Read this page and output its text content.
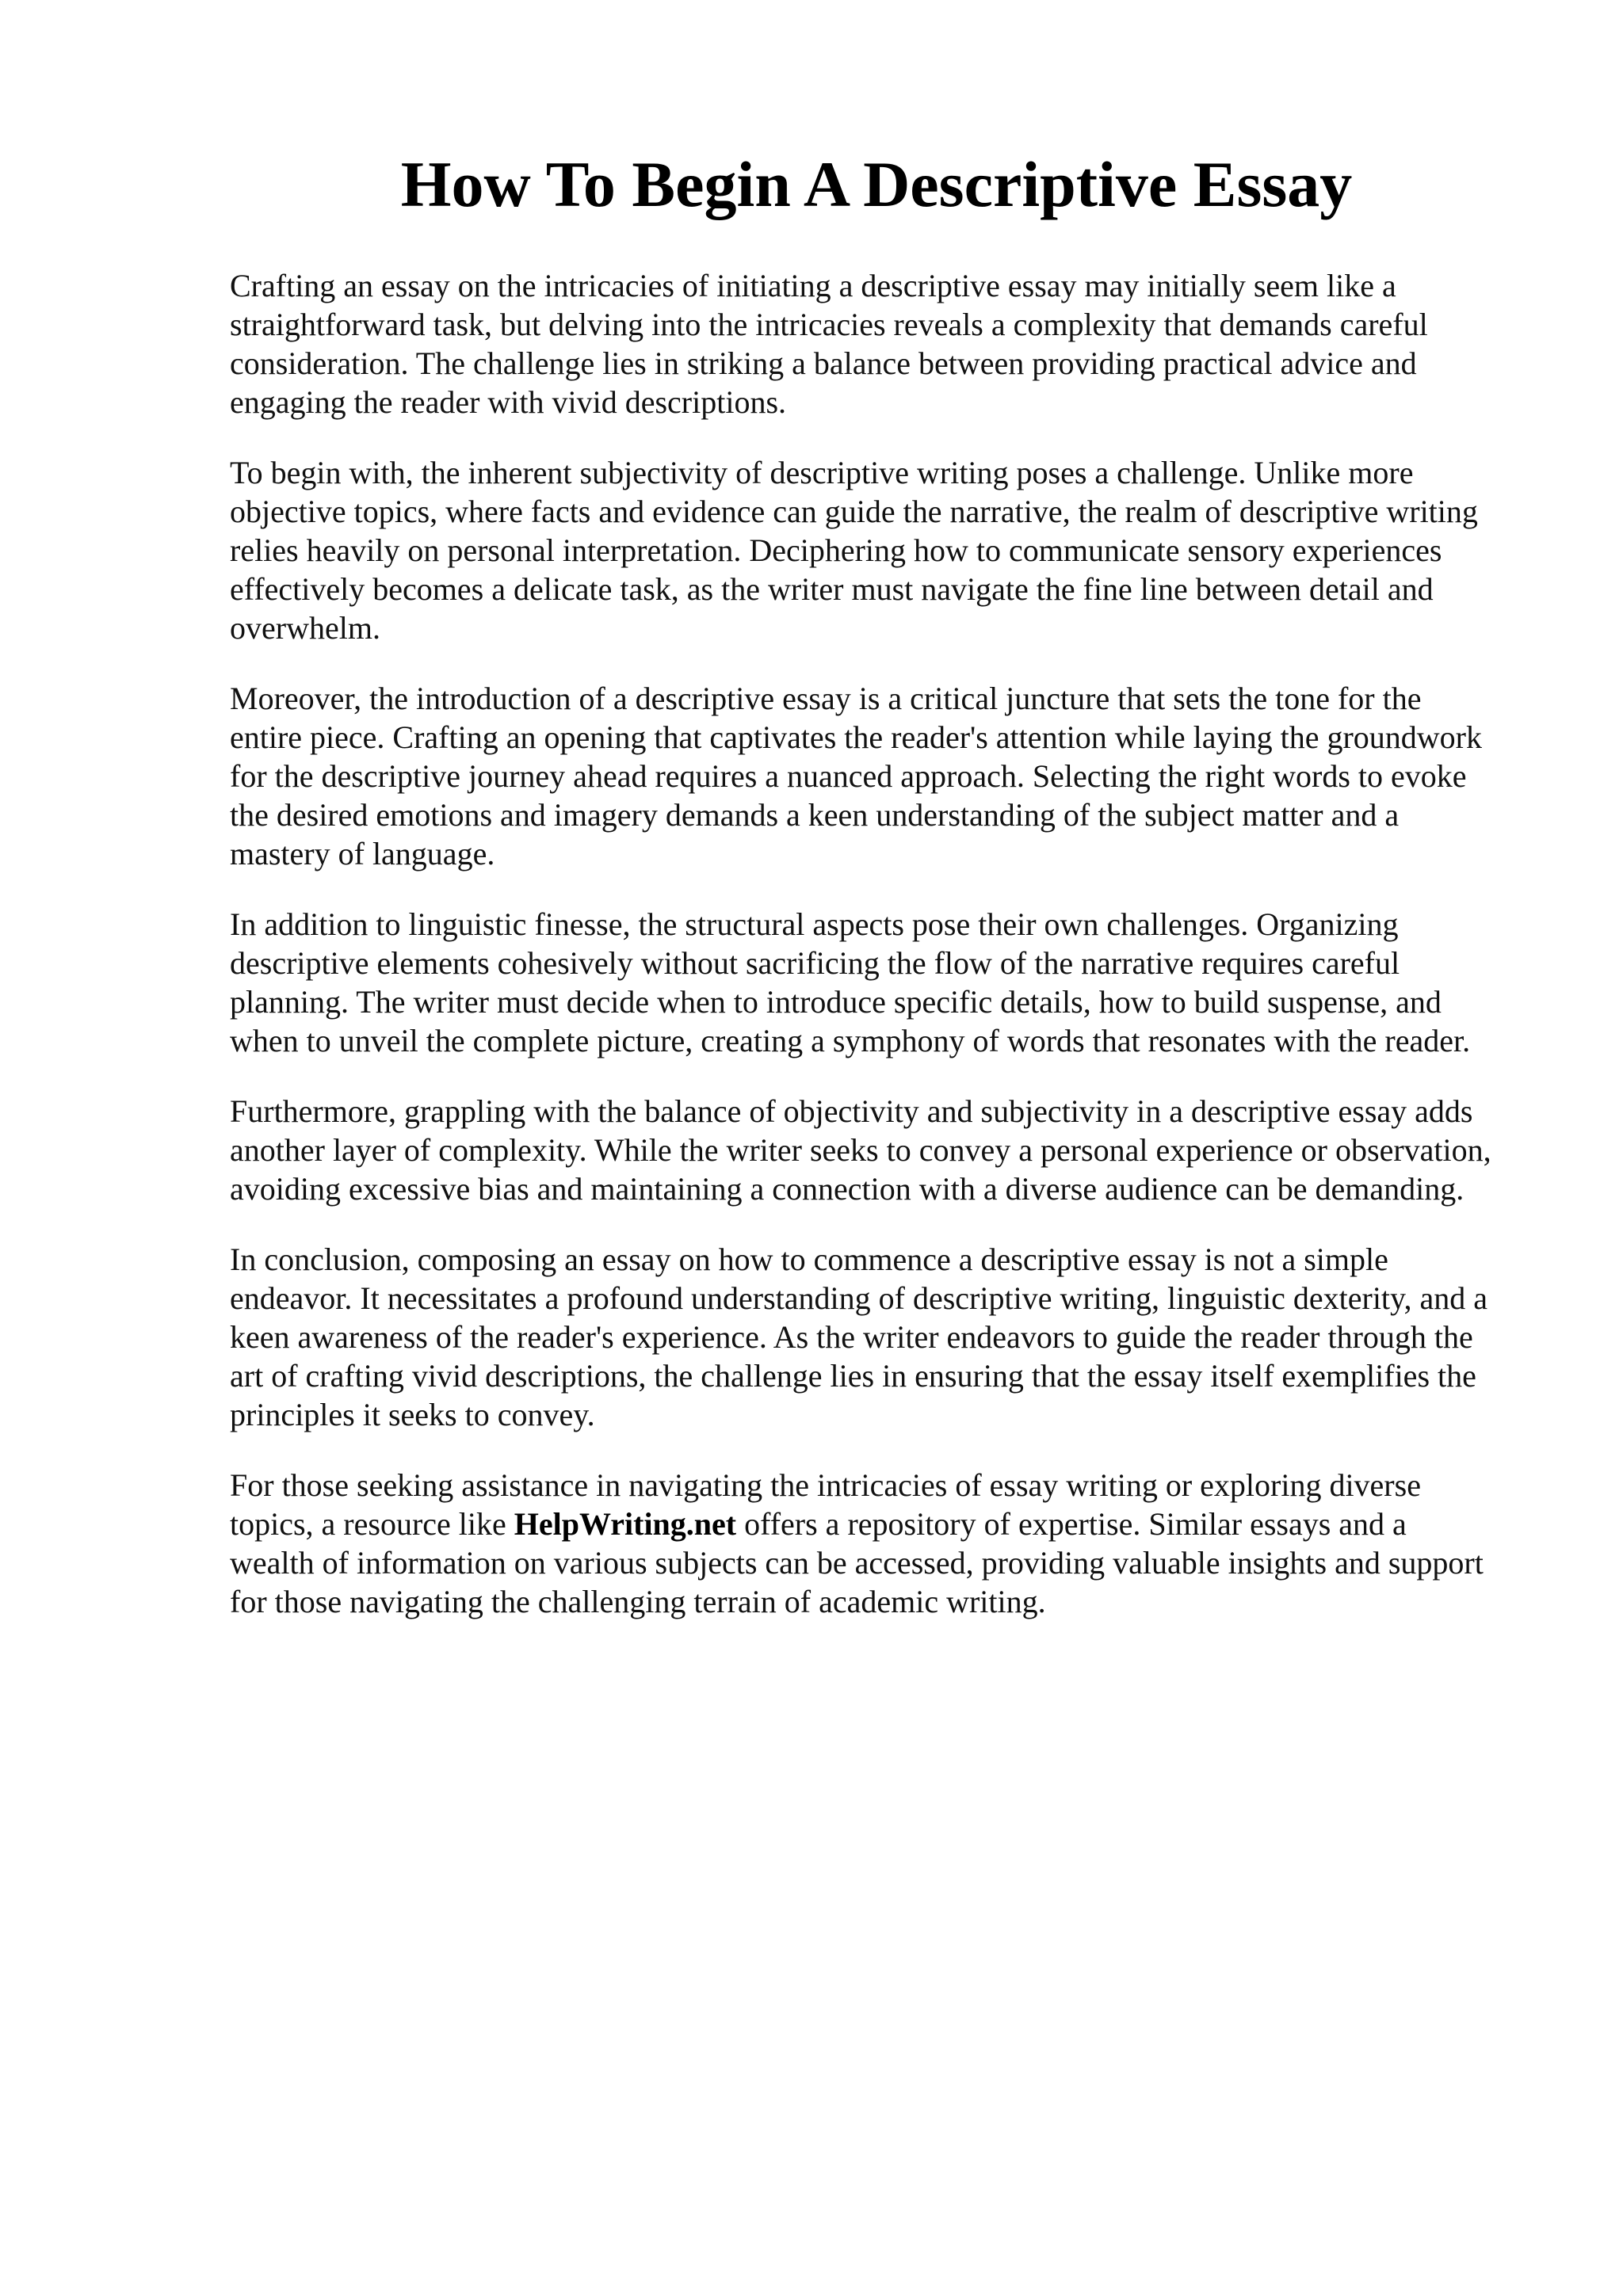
How To Begin A Descriptive Essay

Crafting an essay on the intricacies of initiating a descriptive essay may initially seem like a straightforward task, but delving into the intricacies reveals a complexity that demands careful consideration. The challenge lies in striking a balance between providing practical advice and engaging the reader with vivid descriptions.

To begin with, the inherent subjectivity of descriptive writing poses a challenge. Unlike more objective topics, where facts and evidence can guide the narrative, the realm of descriptive writing relies heavily on personal interpretation. Deciphering how to communicate sensory experiences effectively becomes a delicate task, as the writer must navigate the fine line between detail and overwhelm.

Moreover, the introduction of a descriptive essay is a critical juncture that sets the tone for the entire piece. Crafting an opening that captivates the reader's attention while laying the groundwork for the descriptive journey ahead requires a nuanced approach. Selecting the right words to evoke the desired emotions and imagery demands a keen understanding of the subject matter and a mastery of language.

In addition to linguistic finesse, the structural aspects pose their own challenges. Organizing descriptive elements cohesively without sacrificing the flow of the narrative requires careful planning. The writer must decide when to introduce specific details, how to build suspense, and when to unveil the complete picture, creating a symphony of words that resonates with the reader.

Furthermore, grappling with the balance of objectivity and subjectivity in a descriptive essay adds another layer of complexity. While the writer seeks to convey a personal experience or observation, avoiding excessive bias and maintaining a connection with a diverse audience can be demanding.

In conclusion, composing an essay on how to commence a descriptive essay is not a simple endeavor. It necessitates a profound understanding of descriptive writing, linguistic dexterity, and a keen awareness of the reader's experience. As the writer endeavors to guide the reader through the art of crafting vivid descriptions, the challenge lies in ensuring that the essay itself exemplifies the principles it seeks to convey.

For those seeking assistance in navigating the intricacies of essay writing or exploring diverse topics, a resource like HelpWriting.net offers a repository of expertise. Similar essays and a wealth of information on various subjects can be accessed, providing valuable insights and support for those navigating the challenging terrain of academic writing.
